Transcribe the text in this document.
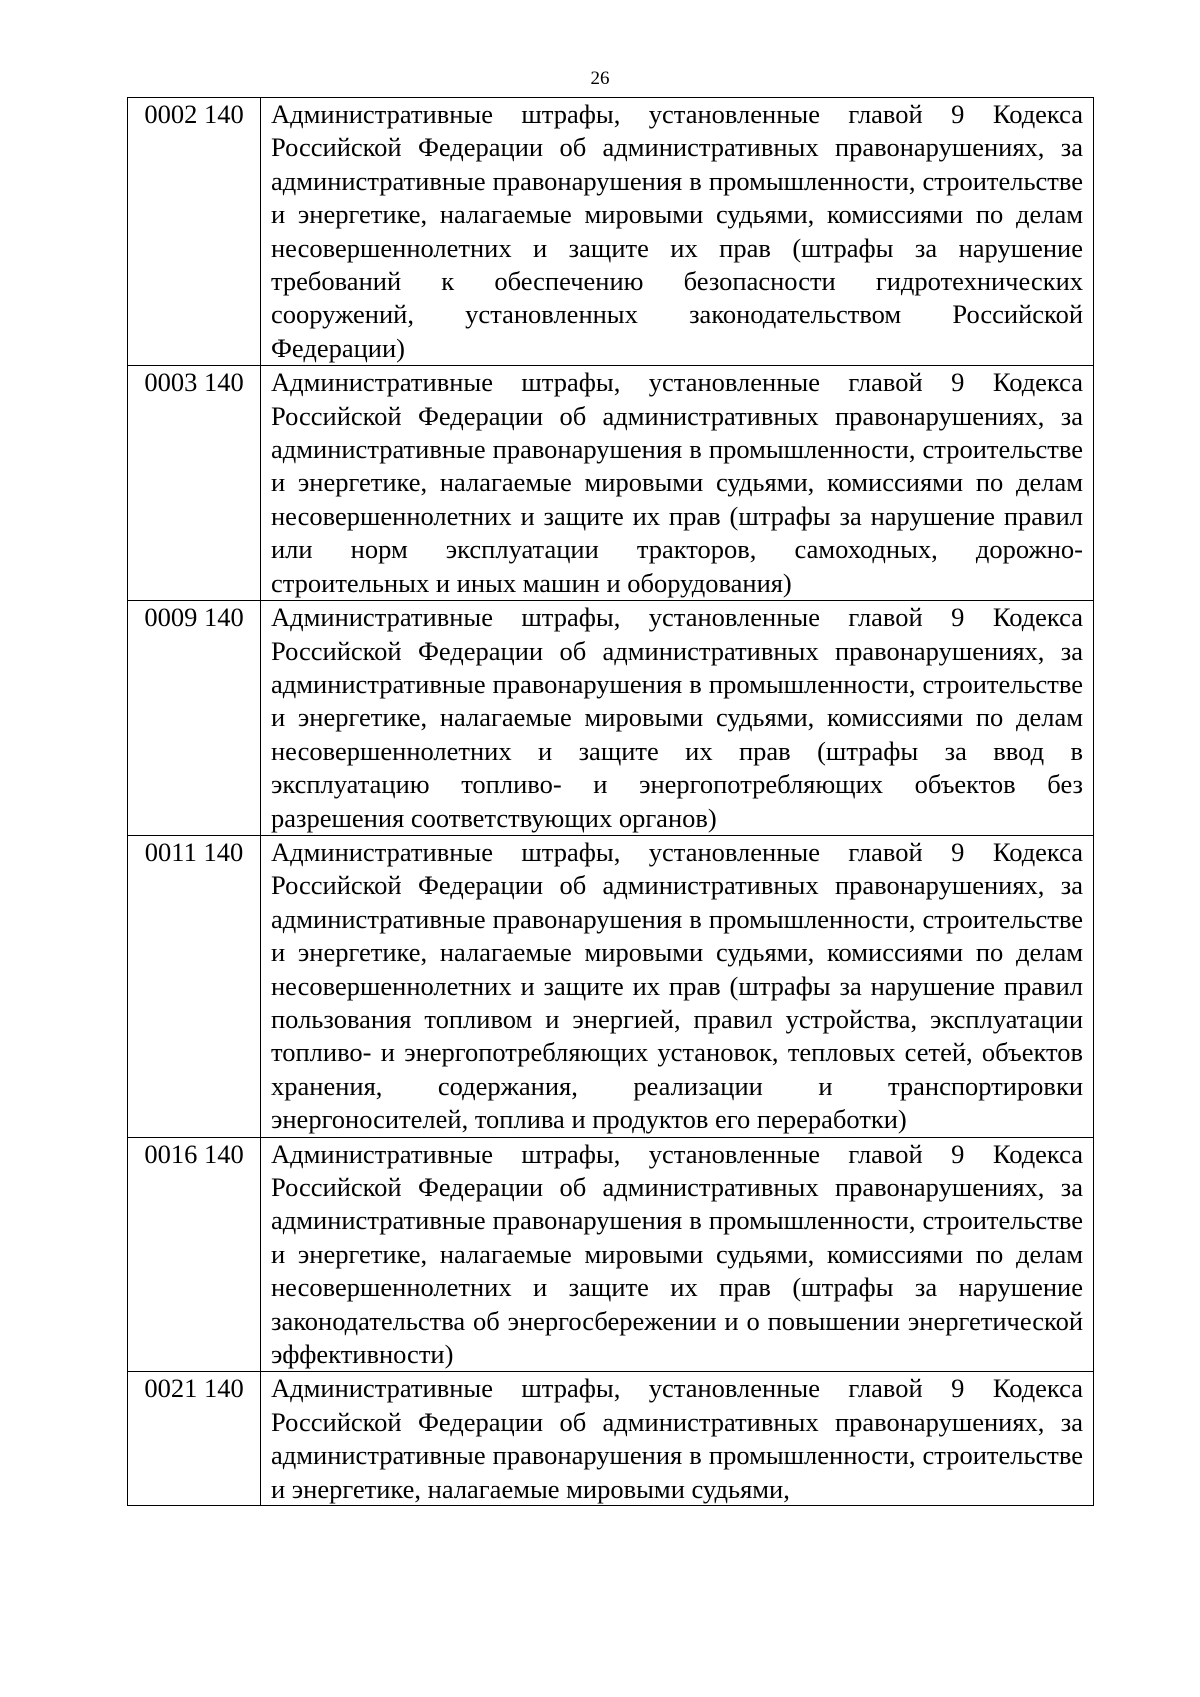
26
0002 140	Административные штрафы, установленные главой 9 Кодекса Российской Федерации об административных правонарушениях, за административные правонарушения в промышленности, строительстве и энергетике, налагаемые мировыми судьями, комиссиями по делам несовершеннолетних и защите их прав (штрафы за нарушение требований к обеспечению безопасности гидротехнических сооружений, установленных законодательством Российской Федерации)

0003 140	Административные штрафы, установленные главой 9 Кодекса Российской Федерации об административных правонарушениях, за административные правонарушения в промышленности, строительстве и энергетике, налагаемые мировыми судьями, комиссиями по делам несовершеннолетних и защите их прав (штрафы за нарушение правил или норм эксплуатации тракторов, самоходных, дорожно-строительных и иных машин и оборудования)

0009 140	Административные штрафы, установленные главой 9 Кодекса Российской Федерации об административных правонарушениях, за административные правонарушения в промышленности, строительстве и энергетике, налагаемые мировыми судьями, комиссиями по делам несовершеннолетних и защите их прав (штрафы за ввод в эксплуатацию топливо- и энергопотребляющих объектов без разрешения соответствующих органов)

0011 140	Административные штрафы, установленные главой 9 Кодекса Российской Федерации об административных правонарушениях, за административные правонарушения в промышленности, строительстве и энергетике, налагаемые мировыми судьями, комиссиями по делам несовершеннолетних и защите их прав (штрафы за нарушение правил пользования топливом и энергией, правил устройства, эксплуатации топливо- и энергопотребляющих установок, тепловых сетей, объектов хранения, содержания, реализации и транспортировки энергоносителей, топлива и продуктов его переработки)

0016 140	Административные штрафы, установленные главой 9 Кодекса Российской Федерации об административных правонарушениях, за административные правонарушения в промышленности, строительстве и энергетике, налагаемые мировыми судьями, комиссиями по делам несовершеннолетних и защите их прав (штрафы за нарушение законодательства об энергосбережении и о повышении энергетической эффективности)

0021 140	Административные штрафы, установленные главой 9 Кодекса Российской Федерации об административных правонарушениях, за административные правонарушения в промышленности, строительстве и энергетике, налагаемые мировыми судьями,
